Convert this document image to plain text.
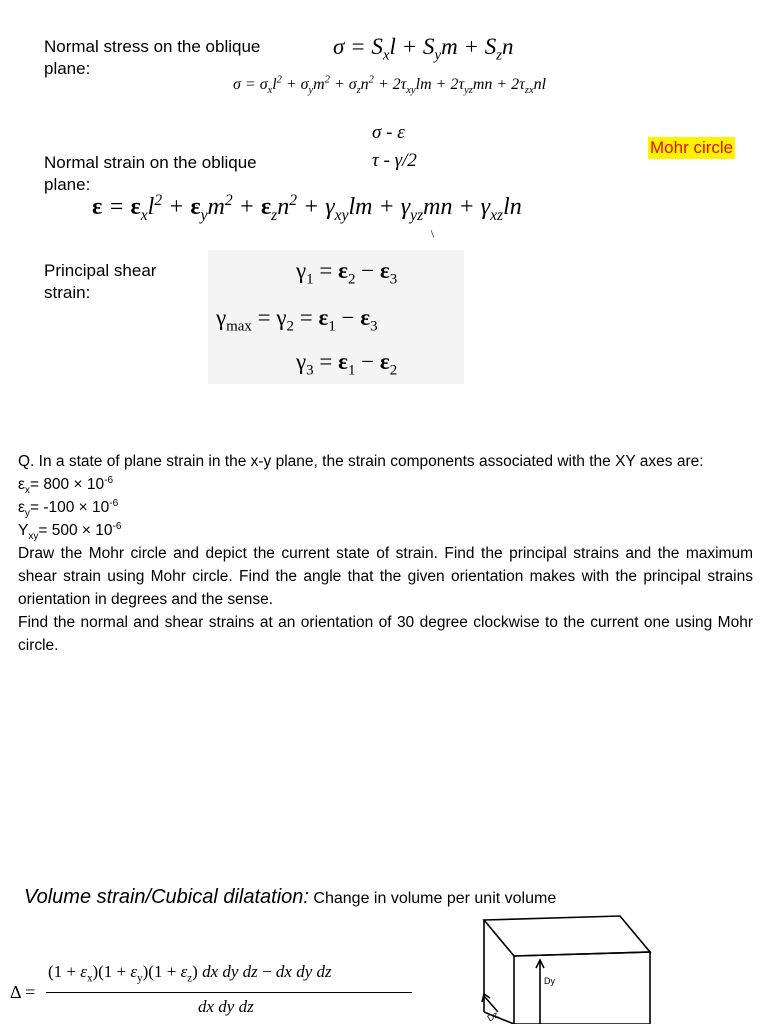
Normal stress on the oblique plane:
$\sigma = S_xl + S_ym + S_zn$
$\sigma = \sigma_xl^2 + \sigma_ym^2 + \sigma_zn^2 + 2\tau_{xy}lm + 2\tau_{yz}mn + 2\tau_{zx}nl$
σ - ε
τ - γ/2
Mohr circle
Normal strain on the oblique plane:
$\varepsilon = \varepsilon_xl^2 + \varepsilon_ym^2 + \varepsilon_zn^2 + \gamma_{xy}lm + \gamma_{yz}mn + \gamma_{xz}\ln$
Principal shear strain:
$\gamma_1 = \varepsilon_2 - \varepsilon_3$
$\gamma_{max} = \gamma_2 = \varepsilon_1 - \varepsilon_3$
$\gamma_3 = \varepsilon_1 - \varepsilon_2$
Q. In a state of plane strain in the x-y plane, the strain components associated with the XY axes are:
$\varepsilon_x= 800 \times 10^{-6}$
$\varepsilon_y= -100 \times 10^{-6}$
$Y_{xy}= 500 \times 10^{-6}$
Draw the Mohr circle and depict the current state of strain. Find the principal strains and the maximum shear strain using Mohr circle. Find the angle that the given orientation makes with the principal strains orientation in degrees and the sense.
Find the normal and shear strains at an orientation of 30 degree clockwise to the current one using Mohr circle.
Volume strain/Cubical dilatation: Change in volume per unit volume
Δ =
$(1 + \varepsilon_x)(1 + \varepsilon_y)(1 + \varepsilon_z)$ dx dy dz − dx dy dz
dx dy dz
Dy
Dz
